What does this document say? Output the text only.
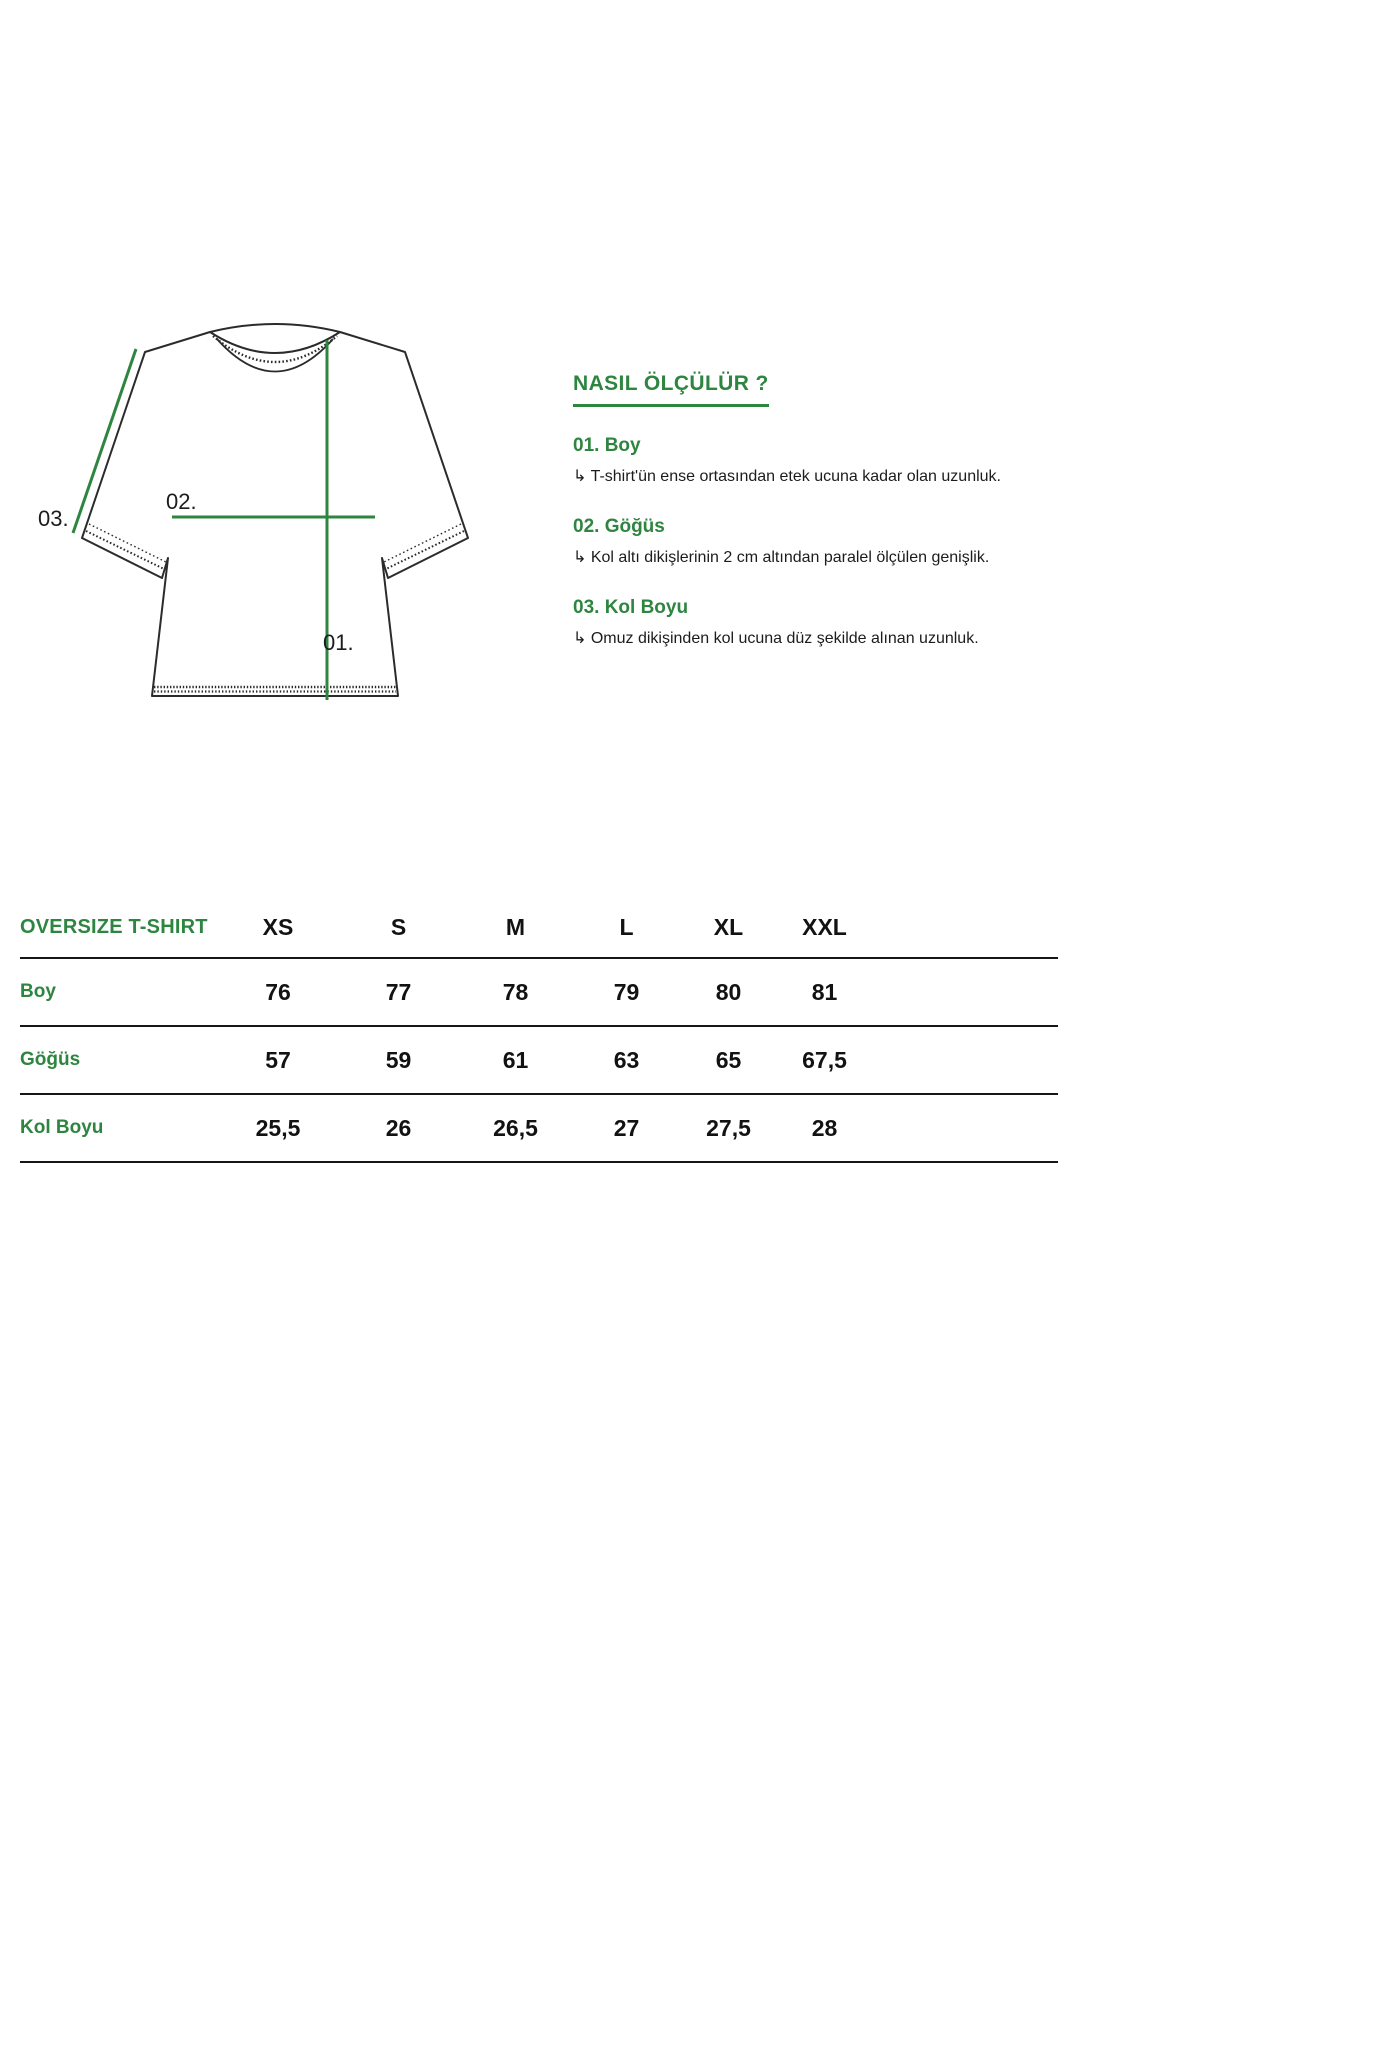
03.
02.
01.
NASIL ÖLÇÜLÜR ?
01. Boy

↳ T-shirt'ün ense ortasından etek ucuna kadar olan uzunluk.

02. Göğüs

↳ Kol altı dikişlerinin 2 cm altından paralel ölçülen genişlik.

03. Kol Boyu

↳ Omuz dikişinden kol ucuna düz şekilde alınan uzunluk.

OVERSIZE T-SHIRT	XS	S	M	L	XL	XXL
Boy	76	77	78	79	80	81
Göğüs	57	59	61	63	65	67,5
Kol Boyu	25,5	26	26,5	27	27,5	28
